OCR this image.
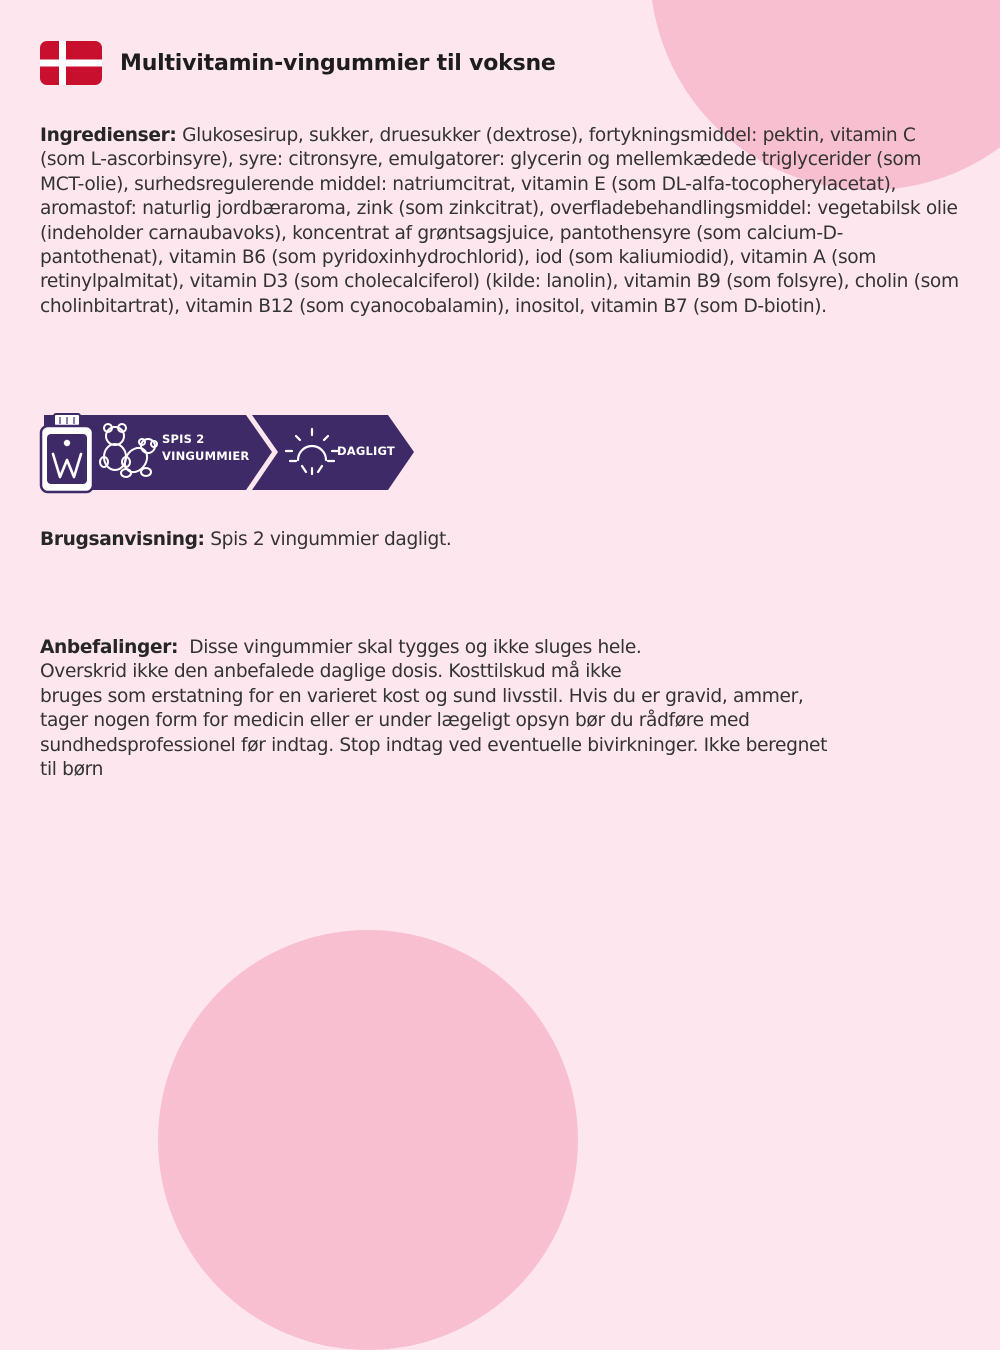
Multivitamin-vingummier til voksne
Ingredienser: Glukosesirup, sukker, druesukker (dextrose), fortykningsmiddel: pektin, vitamin C (som L-ascorbinsyre), syre: citronsyre, emulgatorer: glycerin og mellemkædede triglycerider (som MCT-olie), surhedsregulerende middel: natriumcitrat, vitamin E (som DL-alfa-tocopherylacetat), aromastof: naturlig jordbærarom​a, zink (som zinkcitrat), overfladebehandlingsmiddel: vegetabilsk olie (indeholder carnaubavoks), koncentrat af grøntsagsjuice, pantothensyre (som calcium-D-pantothenat), vitamin B6 (som pyridoxinhydrochlorid), iod (som kaliumiodid), vitamin A (som retinylpalmitat), vitamin D3 (som cholecalciferol) (kilde: lanolin), vitamin B9 (som folsyre), cholin (som cholinbitartrat), vitamin B12 (som cyanocobalamin), inositol, vitamin B7 (som D-biotin).
SPIS 2
VINGUMMIER	DAGLIGT
Brugsanvisning: Spis 2 vingummier dagligt.
Anbefalinger:  Disse vingummier skal tygges og ikke sluges hele.
Overskrid ikke den anbefalede daglige dosis. Kosttilskud må ikke
bruges som erstatning for en varieret kost og sund livsstil. Hvis du er gravid, ammer,
tager nogen form for medicin eller er under lægeligt opsyn bør du rådføre med
sundhedsprofessionel før indtag. Stop indtag ved eventuelle bivirkninger. Ikke beregnet
til børn
